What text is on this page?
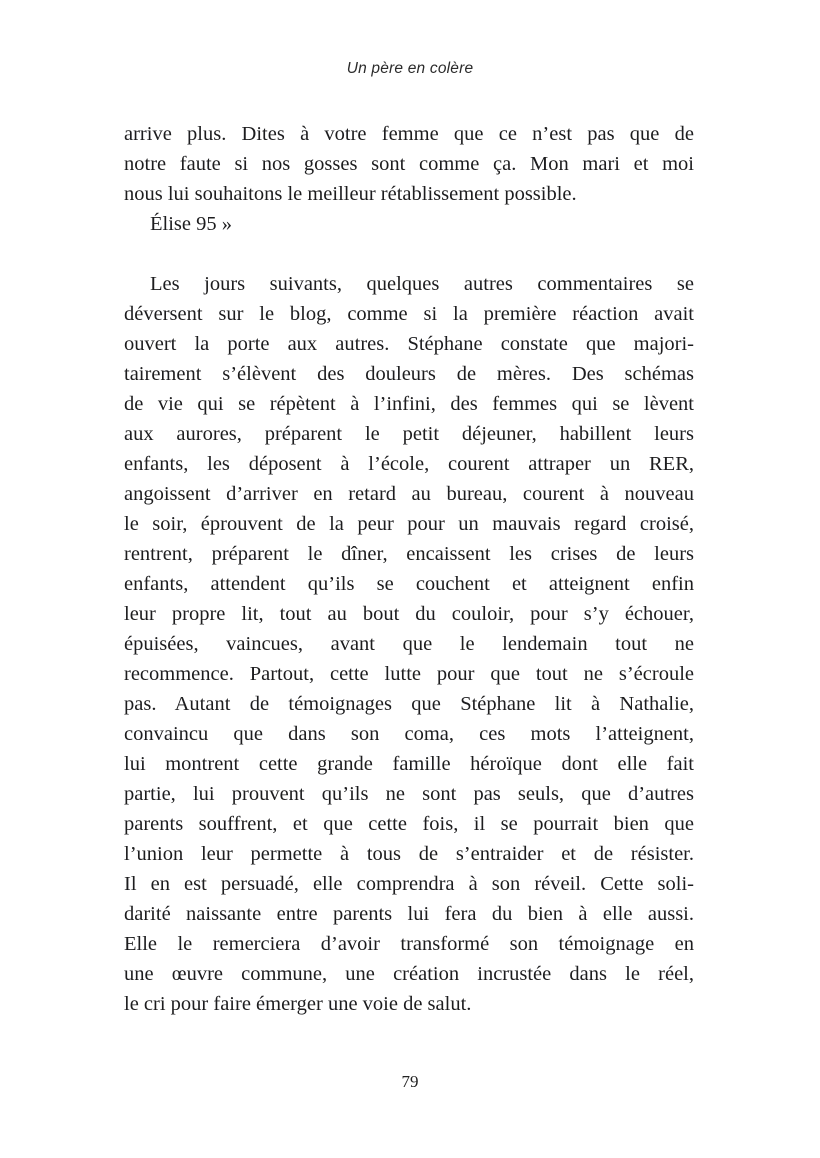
Un père en colère
arrive plus. Dites à votre femme que ce n’est pas que de
notre faute si nos gosses sont comme ça. Mon mari et moi
nous lui souhaitons le meilleur rétablissement possible.
Élise 95 »
Les jours suivants, quelques autres commentaires se
déversent sur le blog, comme si la première réaction avait
ouvert la porte aux autres. Stéphane constate que majori-
tairement s’élèvent des douleurs de mères. Des schémas
de vie qui se répètent à l’infini, des femmes qui se lèvent
aux aurores, préparent le petit déjeuner, habillent leurs
enfants, les déposent à l’école, courent attraper un RER,
angoissent d’arriver en retard au bureau, courent à nouveau
le soir, éprouvent de la peur pour un mauvais regard croisé,
rentrent, préparent le dîner, encaissent les crises de leurs
enfants, attendent qu’ils se couchent et atteignent enfin
leur propre lit, tout au bout du couloir, pour s’y échouer,
épuisées, vaincues, avant que le lendemain tout ne
recommence. Partout, cette lutte pour que tout ne s’écroule
pas. Autant de témoignages que Stéphane lit à Nathalie,
convaincu que dans son coma, ces mots l’atteignent,
lui montrent cette grande famille héroïque dont elle fait
partie, lui prouvent qu’ils ne sont pas seuls, que d’autres
parents souffrent, et que cette fois, il se pourrait bien que
l’union leur permette à tous de s’entraider et de résister.
Il en est persuadé, elle comprendra à son réveil. Cette soli-
darité naissante entre parents lui fera du bien à elle aussi.
Elle le remerciera d’avoir transformé son témoignage en
une œuvre commune, une création incrustée dans le réel,
le cri pour faire émerger une voie de salut.
79
